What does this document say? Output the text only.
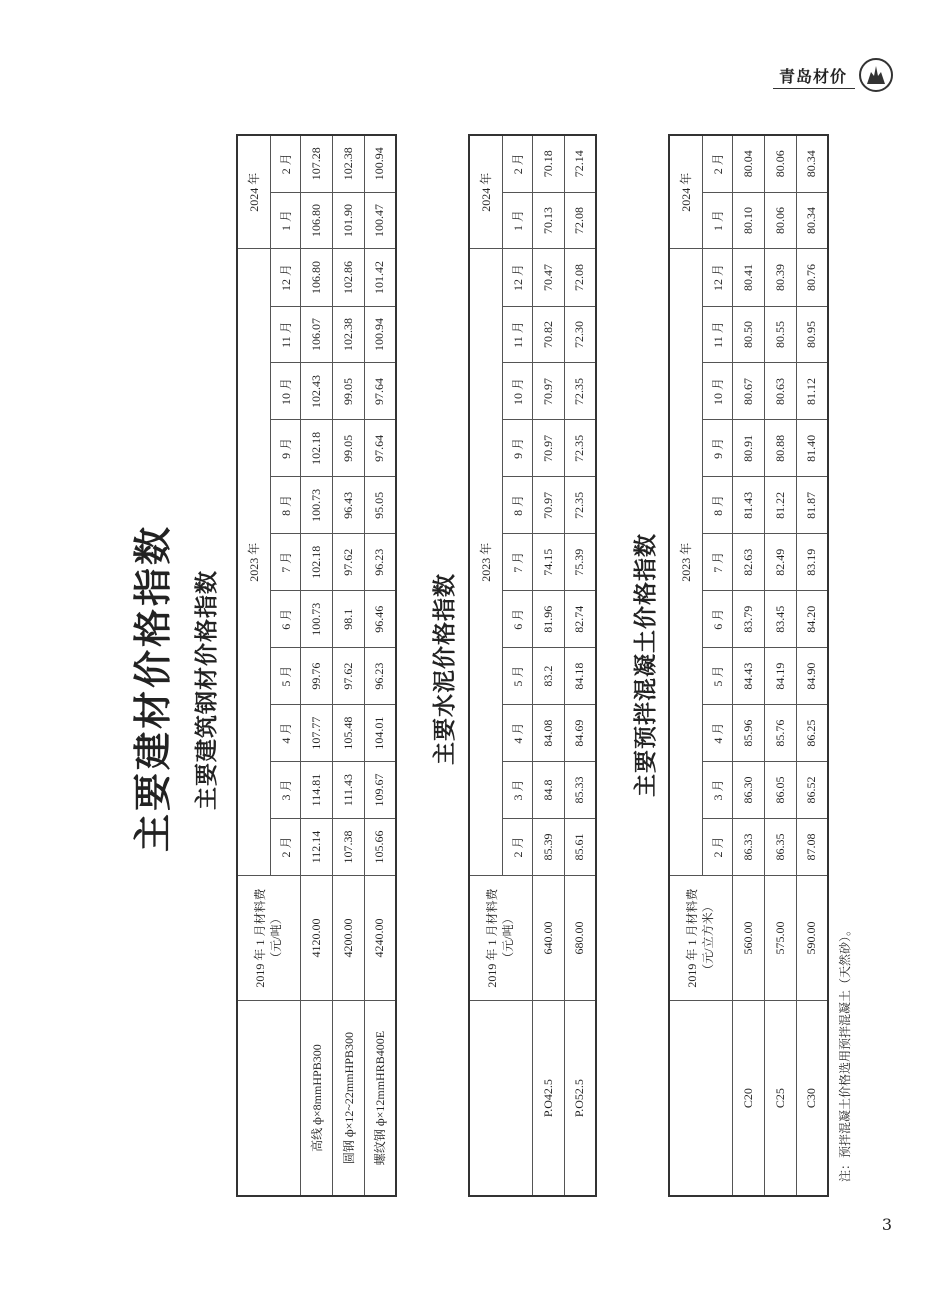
青岛材价
主要建材价格指数 主要建筑钢材价格指数

	2019 年 1 月材料费 （元/吨）	2023 年											2024 年	
		2 月	3 月	4 月	5 月	6 月	7 月	8 月	9 月	10 月	11 月	12 月	1 月	2 月
高线 ф×8mmHPB300	4120.00	112.14	114.81	107.77	99.76	100.73	102.18	100.73	102.18	102.43	106.07	106.80	106.80	107.28
圆钢 ф×12~22mmHPB300	4200.00	107.38	111.43	105.48	97.62	98.1	97.62	96.43	99.05	99.05	102.38	102.86	101.90	102.38
螺纹钢 ф×12mmHRB400E	4240.00	105.66	109.67	104.01	96.23	96.46	96.23	95.05	97.64	97.64	100.94	101.42	100.47	100.94
主要水泥价格指数

	2019 年 1 月材料费 （元/吨）	2023 年											2024 年	
		2 月	3 月	4 月	5 月	6 月	7 月	8 月	9 月	10 月	11 月	12 月	1 月	2 月
P.O42.5	640.00	85.39	84.8	84.08	83.2	81.96	74.15	70.97	70.97	70.97	70.82	70.47	70.13	70.18
P.O52.5	680.00	85.61	85.33	84.69	84.18	82.74	75.39	72.35	72.35	72.35	72.30	72.08	72.08	72.14
主要预拌混凝土价格指数

	2019 年 1 月材料费 （元/立方米）	2023 年											2024 年	
		2 月	3 月	4 月	5 月	6 月	7 月	8 月	9 月	10 月	11 月	12 月	1 月	2 月
C20	560.00	86.33	86.30	85.96	84.43	83.79	82.63	81.43	80.91	80.67	80.50	80.41	80.10	80.04
C25	575.00	86.35	86.05	85.76	84.19	83.45	82.49	81.22	80.88	80.63	80.55	80.39	80.06	80.06
C30	590.00	87.08	86.52	86.25	84.90	84.20	83.19	81.87	81.40	81.12	80.95	80.76	80.34	80.34
注：预拌混凝土价格选用预拌混凝土（天然砂）。
3
